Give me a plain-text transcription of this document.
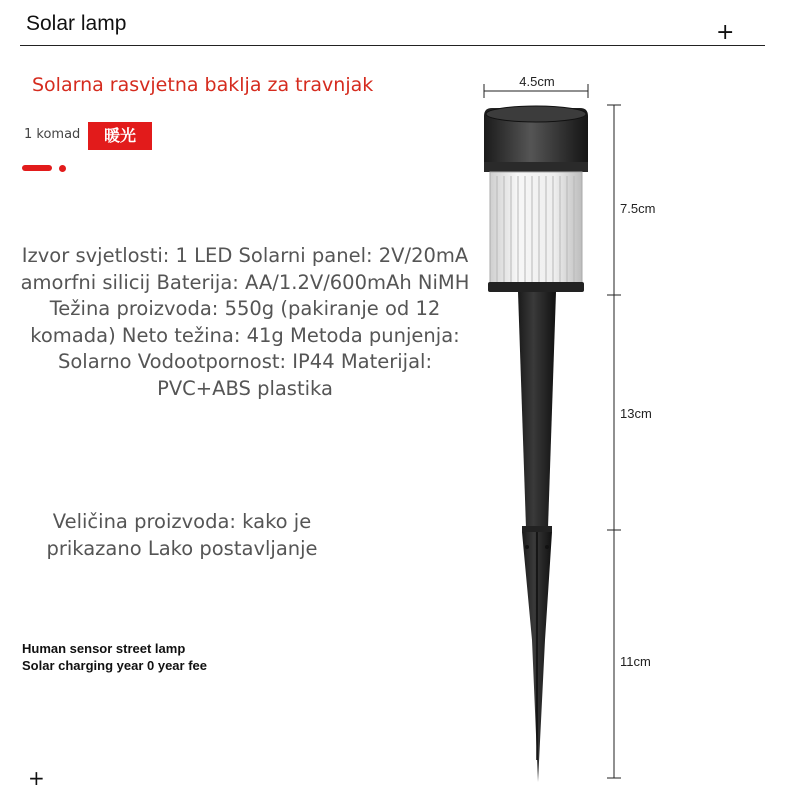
Solar lamp	+
Solarna rasvjetna baklja za travnjak
1 komad	暖光
Izvor svjetlosti: 1 LED Solarni panel: 2V/20mA amorfni silicij Baterija: AA/1.2V/600mAh NiMH Težina proizvoda: 550g (pakiranje od 12 komada) Neto težina: 41g Metoda punjenja: Solarno Vodootpornost: IP44 Materijal: PVC+ABS plastika
Veličina proizvoda: kako je prikazano Lako postavljanje
Human sensor street lamp
Solar charging year 0 year fee
4.5cm
7.5cm
13cm
11cm
+
